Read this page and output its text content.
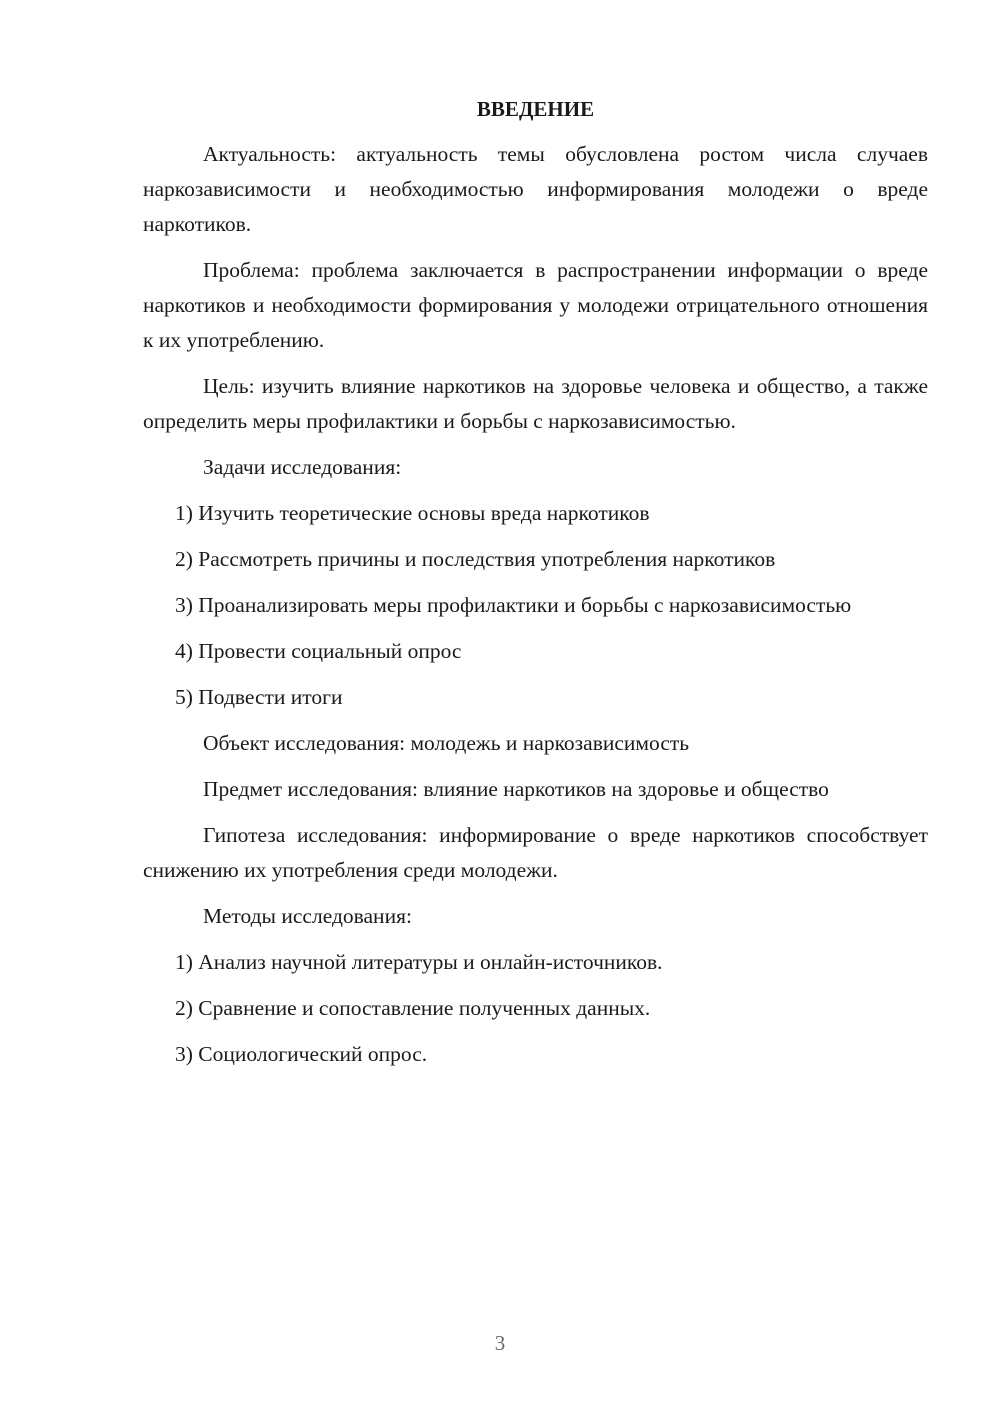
ВВЕДЕНИЕ

Актуальность: актуальность темы обусловлена ростом числа случаев наркозависимости и необходимостью информирования молодежи о вреде наркотиков.

Проблема: проблема заключается в распространении информации о вреде наркотиков и необходимости формирования у молодежи отрицательного отношения к их употреблению.

Цель: изучить влияние наркотиков на здоровье человека и общество, а также определить меры профилактики и борьбы с наркозависимостью.

Задачи исследования:

1) Изучить теоретические основы вреда наркотиков

2) Рассмотреть причины и последствия употребления наркотиков

3) Проанализировать меры профилактики и борьбы с наркозависимостью

4) Провести социальный опрос

5) Подвести итоги

Объект исследования: молодежь и наркозависимость

Предмет исследования: влияние наркотиков на здоровье и общество

Гипотеза исследования: информирование о вреде наркотиков способствует снижению их употребления среди молодежи.

Методы исследования:

1) Анализ научной литературы и онлайн-источников.

2) Сравнение и сопоставление полученных данных.

3) Социологический опрос.

3
